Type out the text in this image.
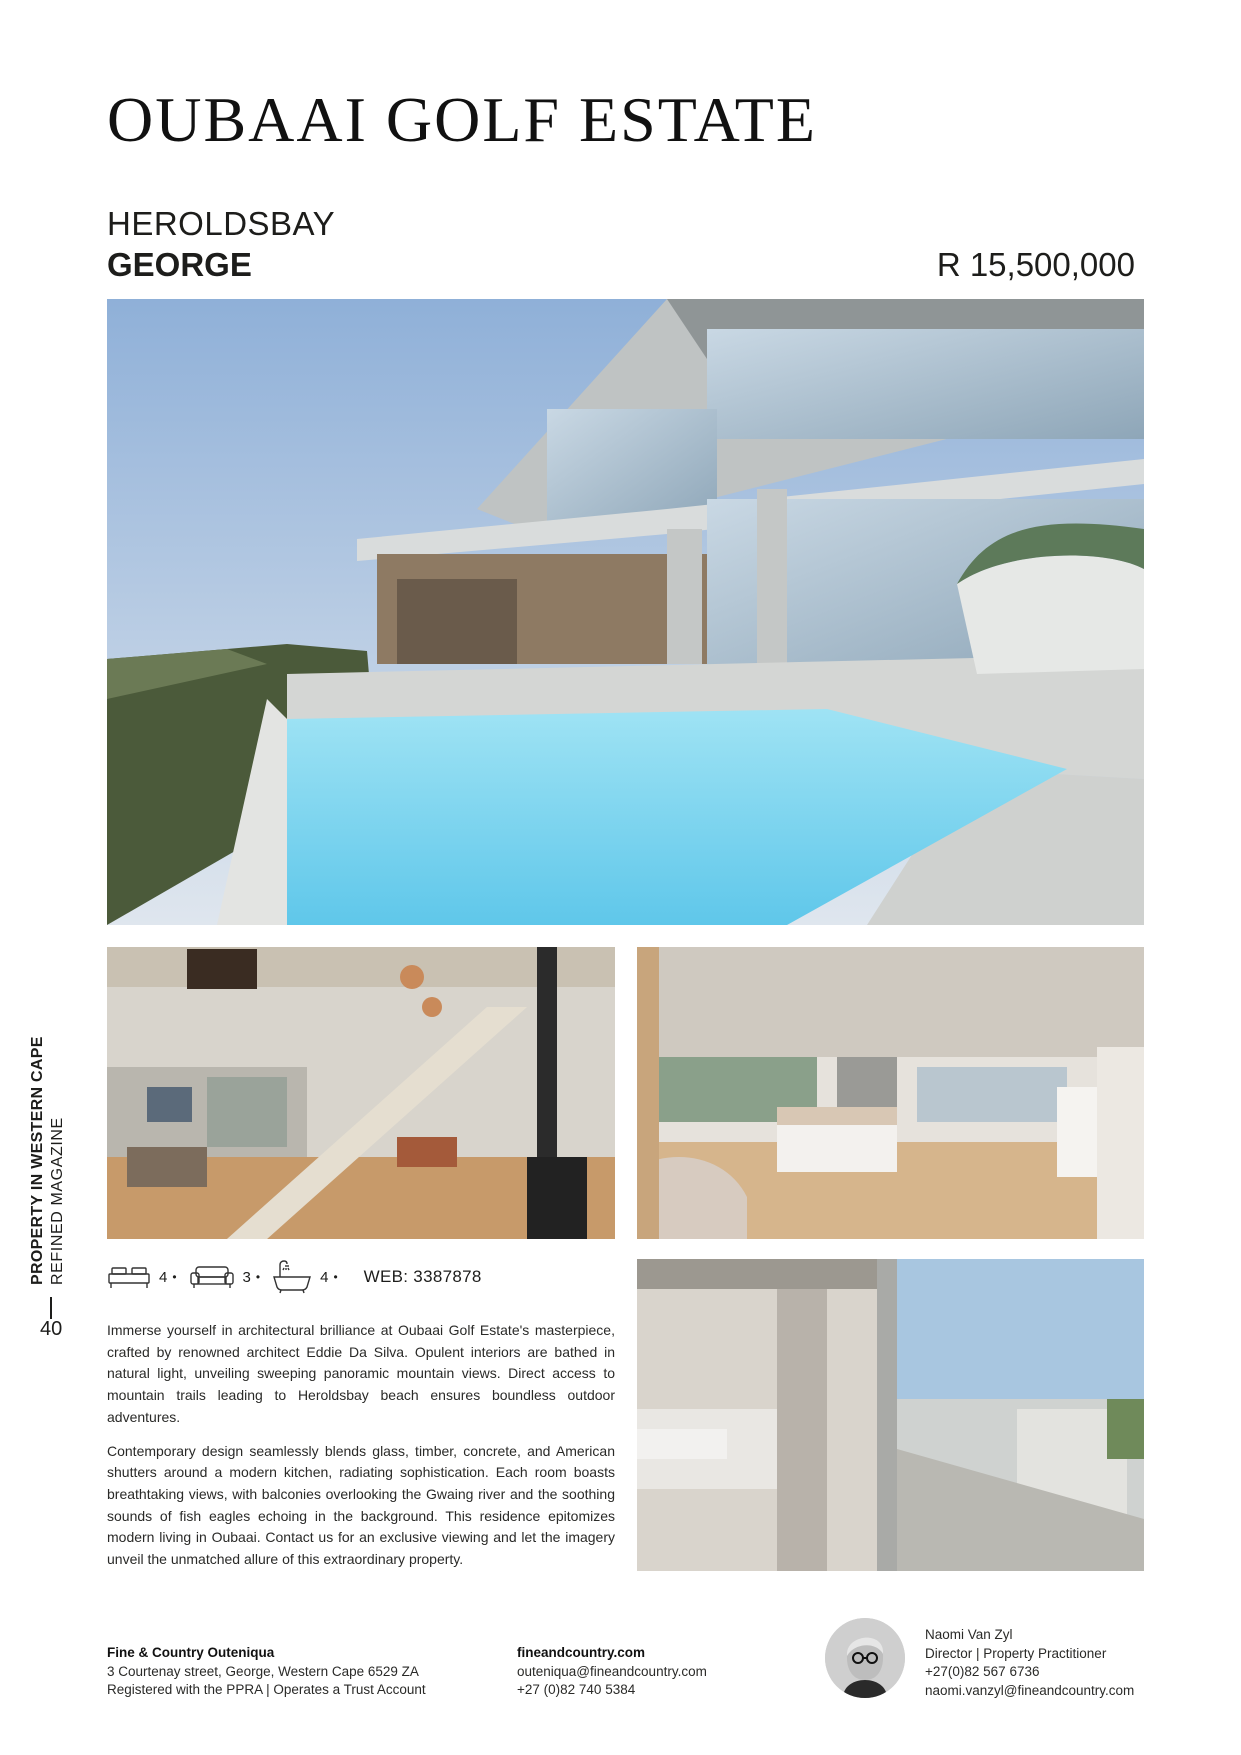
OUBAAI GOLF ESTATE
HEROLDSBAY
GEORGE	R 15,500,000
PROPERTY IN WESTERN CAPE REFINED MAGAZINE
40
4 •	3 •	4 • WEB: 3387878

Immerse yourself in architectural brilliance at Oubaai Golf Estate's masterpiece, crafted by renowned architect Eddie Da Silva. Opulent interiors are bathed in natural light, unveiling sweeping panoramic mountain views. Direct access to mountain trails leading to Heroldsbay beach ensures boundless outdoor adventures.

Contemporary design seamlessly blends glass, timber, concrete, and American shutters around a modern kitchen, radiating sophistication. Each room boasts breathtaking views, with balconies overlooking the Gwaing river and the soothing sounds of fish eagles echoing in the background. This residence epitomizes modern living in Oubaai. Contact us for an exclusive viewing and let the imagery unveil the unmatched allure of this extraordinary property.

Fine & Country Outeniqua
3 Courtenay street, George, Western Cape 6529 ZA
Registered with the PPRA | Operates a Trust Account
fineandcountry.com
outeniqua@fineandcountry.com
+27 (0)82 740 5384
Naomi Van Zyl
Director | Property Practitioner
+27(0)82 567 6736
naomi.vanzyl@fineandcountry.com
